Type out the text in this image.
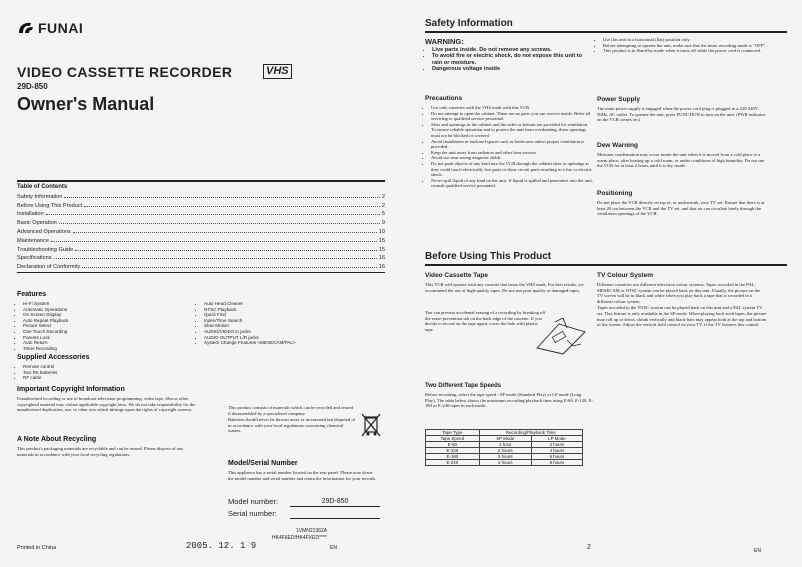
FUNAI
VIDEO CASSETTE RECORDER	VHS
29D-850
Owner's Manual
Table of Contents
Safety Information	2
Before Using This Product	2
Installation	5
Basic Operation	9
Advanced Operations	10
Maintenance	15
Troubleshooting Guide	15
Specifications	16
Declaration of Conformity	16
Features
• Hi-Fi System
• Automatic Operations
• On Screen Display
• Auto Repeat Playback
• Picture Select
• One Touch Recording
• Parents Lock
• Auto Return
• Timer Recording
• Auto Head Cleaner
• NTSC Playback
• Quick Find
• Index/Time Search
• Slow Motion
• AUDIO/VIDEO in jacks
• AUDIO OUTPUT L/R jacks
• System Change Features <MESECAM/PAL>
Supplied Accessories
• Remote control
• Two R6 batteries
• RF cable
Important Copyright Information

Unauthorised recording or use of broadcast television programming, video tape, film or other copyrighted material may violate applicable copyright laws. We do not take responsibility for the unauthorised duplication, use, or other acts which infringe upon the rights of copyright owners.

A Note About Recycling

This product's packaging materials are recyclable and can be reused. Please dispose of any materials in accordance with your local recycling regulations.

This product consists of materials which can be recycled and reused if disassembled by a specialised company.

Batteries should never be thrown away or incinerated but disposed of in accordance with your local regulations concerning chemical wastes.

Model/Serial Number

This appliance has a serial number located on the rear panel. Please note down the model number and serial number and retain the information for your records.

Model number:	29D-850
Serial number:
Printed in China	2005. 12. 1 9
1VMN21362A
HK4F6ED/HK4FXED****
EN
Safety Information
WARNING:
• Live parts inside. Do not remove any screws.
• To avoid fire or electric shock, do not expose this unit to rain or moisture.
• Dangerous voltage inside
Precautions
• Use only cassettes with the VHS mark with this VCR.
• Do not attempt to open the cabinet. There are no parts you can service inside. Refer all servicing to qualified service personnel.
• Slots and openings in the cabinet and the sides or bottom are provided for ventilation. To ensure reliable operation and to protect the unit from overheating, these openings must not be blocked or covered.
• Avoid installation in enclosed spaces such as bookcases unless proper ventilation is provided.
• Keep the unit away from radiators and other heat sources.
• Avoid use near strong magnetic fields.
• Do not push objects of any kind into the VCR through the cabinet slots or openings as they could touch electrically live parts or short circuit parts resulting in a fire or electric shock.
• Never spill liquid of any kind on the unit. If liquid is spilled and penetrates into the unit, consult qualified service personnel.
• Use this unit in a horizontal (flat) position only.
• Before attempting to operate the unit, make sure that the timer recording mode is "OFF".
• This product is in Stand-by mode when it turns off while the power cord is connected.
Power Supply

The main power supply is engaged when the power cord plug is plugged in a 220-240V, 50Hz, AC outlet. To operate the unit, press FUNCTION to turn on the unit. (PWR indicator on the VCR comes on.)

Dew Warning

Moisture condensation may occur inside the unit when it is moved from a cold place to a warm place, after heating up a cold room, or under conditions of high humidity. Do not use the VCR for at least 2 hours until it is dry inside.

Positioning

Do not place the VCR directly on top of, or underneath, your TV set. Ensure that there is at least 20 cm between the VCR and the TV set, and that air can circulate freely through the ventilation openings of the VCR.

Before Using This Product
Video Cassette Tape

This VCR will operate with any cassette that bears the VHS mark. For best results, we recommend the use of high-quality tapes. Do not use poor quality or damaged tapes.

You can prevent accidental erasing of a recording by breaking off the erase-prevention tab on the back edge of the cassette. If you decide to record on the tape again, cover the hole with plastic tape.

Two Different Tape Speeds

Before recording, select the tape speed - SP mode (Standard Play) or LP mode (Long Play). The table below shows the maximum recording/playback time using E-60, E-120, E-180 or E-240 tapes in each mode.

Tape Type	Recording/Playback Time	
Tape Speed	SP Mode	LP Mode
E-60	1 hour	2 hours
E-120	2 hours	4 hours
E-180	3 hours	6 hours
E-240	4 hours	8 hours
TV Colour System

Different countries use different television colour systems. Tapes recorded in the PAL, MESECAM or NTSC system can be played back on this unit. Usually, the picture on the TV screen will be in black and white when you play back a tape that is recorded in a different colour system.

Tapes recorded in the NTSC system can be played back on this unit and a PAL system TV set. This feature is only available in the SP mode. When playing back such tapes, the picture may roll up or down, shrink vertically and black bars may appear both at the top and bottom of the screen. Adjust the vertical hold control on your TV, if the TV features this control.

2	EN
